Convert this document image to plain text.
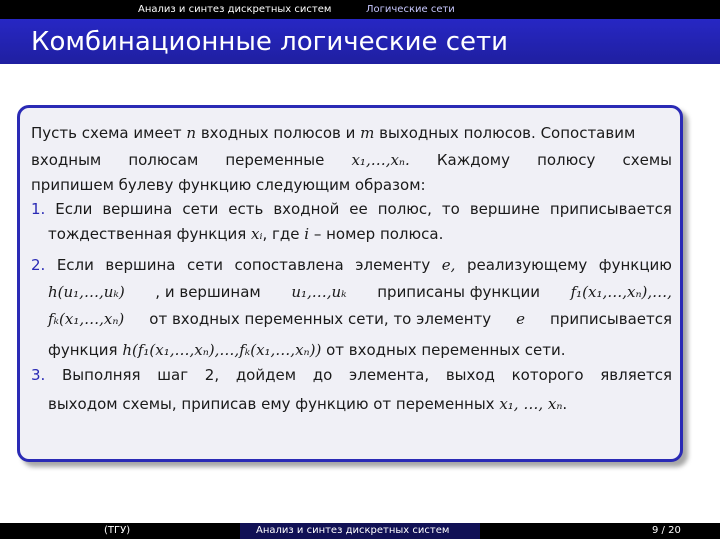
Анализ и синтез дискретных систем	Логические сети
Комбинационные логические сети
Пусть схема имеет n входных полюсов и m выходных полюсов. Сопоставим
входным полюсам переменные x₁,…,xₙ. Каждому полюсу схемы
припишем булеву функцию следующим образом:
1. Если вершина сети есть входной ее полюс, то вершине приписывается
тождественная функция xᵢ, где i – номер полюса.
2. Если вершина сети сопоставлена элементу e, реализующему функцию
h(u₁,…,uₖ) , и вершинам u₁,…,uₖ приписаны функции f₁(x₁,…,xₙ),…,
fₖ(x₁,…,xₙ) от входных переменных сети, то элементу e приписывается
функция h(f₁(x₁,…,xₙ),…,fₖ(x₁,…,xₙ)) от входных переменных сети.
3. Выполняя шаг 2, дойдем до элемента, выход которого является
выходом схемы, приписав ему функцию от переменных x₁, …, xₙ.
(ТГУ)	Анализ и синтез дискретных систем	9 / 20
